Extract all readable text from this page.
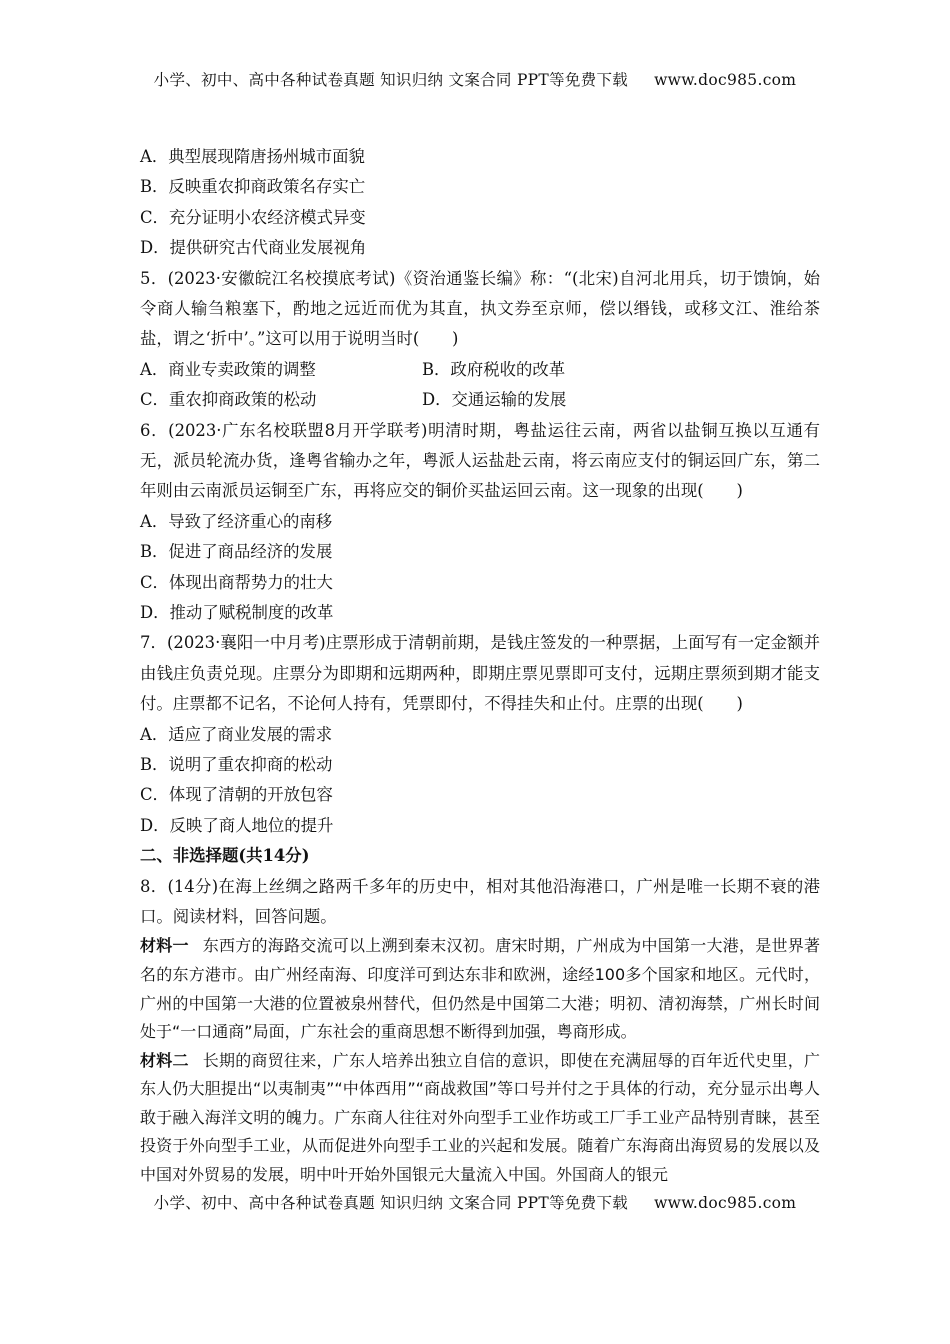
小学、初中、高中各种试卷真题 知识归纳 文案合同 PPT等免费下载 www.doc985.com
A．典型展现隋唐扬州城市面貌
B．反映重农抑商政策名存实亡
C．充分证明小农经济模式异变
D．提供研究古代商业发展视角
5．(2023·安徽皖江名校摸底考试)《资治通鉴长编》称：“(北宋)自河北用兵，切于馈饷，始令商人输刍粮塞下，酌地之远近而优为其直，执文券至京师，偿以缗钱，或移文江、淮给茶盐，谓之‘折中’。”这可以用于说明当时(　　)
A．商业专卖政策的调整	B．政府税收的改革
C．重农抑商政策的松动	D．交通运输的发展
6．(2023·广东名校联盟8月开学联考)明清时期，粤盐运往云南，两省以盐铜互换以互通有无，派员轮流办货，逢粤省输办之年，粤派人运盐赴云南，将云南应支付的铜运回广东，第二年则由云南派员运铜至广东，再将应交的铜价买盐运回云南。这一现象的出现(　　)
A．导致了经济重心的南移
B．促进了商品经济的发展
C．体现出商帮势力的壮大
D．推动了赋税制度的改革
7．(2023·襄阳一中月考)庄票形成于清朝前期，是钱庄签发的一种票据，上面写有一定金额并由钱庄负责兑现。庄票分为即期和远期两种，即期庄票见票即可支付，远期庄票须到期才能支付。庄票都不记名，不论何人持有，凭票即付，不得挂失和止付。庄票的出现(　　)
A．适应了商业发展的需求
B．说明了重农抑商的松动
C．体现了清朝的开放包容
D．反映了商人地位的提升
二、非选择题(共14分)
8．(14分)在海上丝绸之路两千多年的历史中，相对其他沿海港口，广州是唯一长期不衰的港口。阅读材料，回答问题。
材料一 东西方的海路交流可以上溯到秦末汉初。唐宋时期，广州成为中国第一大港，是世界著名的东方港市。由广州经南海、印度洋可到达东非和欧洲，途经100多个国家和地区。元代时，广州的中国第一大港的位置被泉州替代，但仍然是中国第二大港；明初、清初海禁，广州长时间处于“一口通商”局面，广东社会的重商思想不断得到加强，粤商形成。
材料二 长期的商贸往来，广东人培养出独立自信的意识，即使在充满屈辱的百年近代史里，广东人仍大胆提出“以夷制夷”“中体西用”“商战救国”等口号并付之于具体的行动，充分显示出粤人敢于融入海洋文明的魄力。广东商人往往对外向型手工业作坊或工厂手工业产品特别青睐，甚至投资于外向型手工业，从而促进外向型手工业的兴起和发展。随着广东海商出海贸易的发展以及中国对外贸易的发展，明中叶开始外国银元大量流入中国。外国商人的银元
小学、初中、高中各种试卷真题 知识归纳 文案合同 PPT等免费下载 www.doc985.com
